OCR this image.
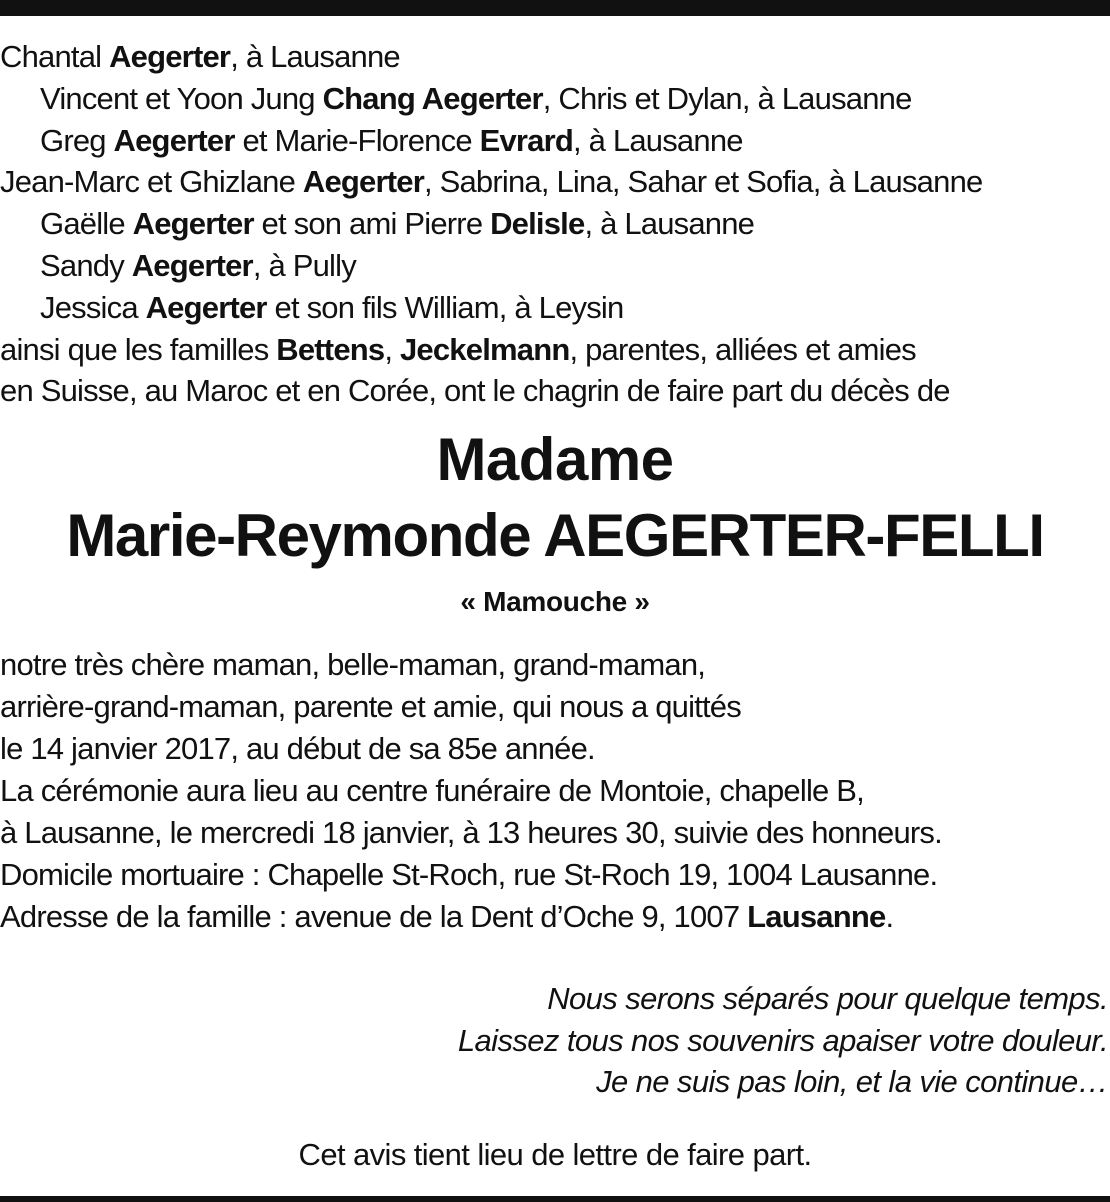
Chantal Aegerter, à Lausanne
Vincent et Yoon Jung Chang Aegerter, Chris et Dylan, à Lausanne
Greg Aegerter et Marie-Florence Evrard, à Lausanne
Jean-Marc et Ghizlane Aegerter, Sabrina, Lina, Sahar et Sofia, à Lausanne
Gaëlle Aegerter et son ami Pierre Delisle, à Lausanne
Sandy Aegerter, à Pully
Jessica Aegerter et son fils William, à Leysin
ainsi que les familles Bettens, Jeckelmann, parentes, alliées et amies
en Suisse, au Maroc et en Corée, ont le chagrin de faire part du décès de
Madame
Marie-Reymonde AEGERTER-FELLI
« Mamouche »
notre très chère maman, belle-maman, grand-maman,
arrière-grand-maman, parente et amie, qui nous a quittés
le 14 janvier 2017, au début de sa 85e année.
La cérémonie aura lieu au centre funéraire de Montoie, chapelle B,
à Lausanne, le mercredi 18 janvier, à 13 heures 30, suivie des honneurs.
Domicile mortuaire : Chapelle St-Roch, rue St-Roch 19, 1004 Lausanne.
Adresse de la famille : avenue de la Dent d’Oche 9, 1007 Lausanne.
Nous serons séparés pour quelque temps.
Laissez tous nos souvenirs apaiser votre douleur.
Je ne suis pas loin, et la vie continue…
Cet avis tient lieu de lettre de faire part.
